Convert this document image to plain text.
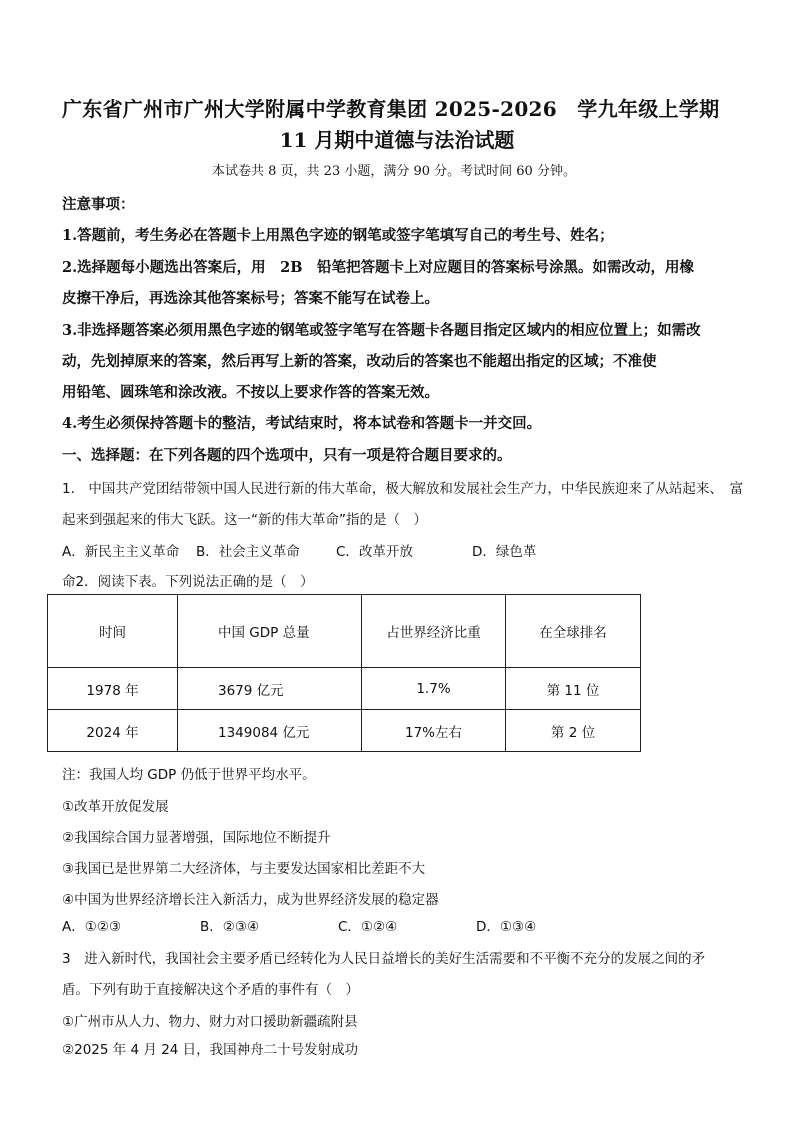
广东省广州市广州大学附属中学教育集团 2025-2026　学九年级上学期
11 月期中道德与法治试题
本试卷共 8 页，共 23 小题，满分 90 分。考试时间 60 分钟。
注意事项：
1.答题前，考生务必在答题卡上用黑色字迹的钢笔或签字笔填写自己的考生号、姓名；
2.选择题每小题选出答案后，用　2B　铅笔把答题卡上对应题目的答案标号涂黑。如需改动，用橡
皮擦干净后，再选涂其他答案标号；答案不能写在试卷上。
3.非选择题答案必须用黑色字迹的钢笔或签字笔写在答题卡各题目指定区域内的相应位置上；如需改
动，先划掉原来的答案，然后再写上新的答案，改动后的答案也不能超出指定的区域；不准使
用铅笔、圆珠笔和涂改液。不按以上要求作答的答案无效。
4.考生必须保持答题卡的整洁，考试结束时，将本试卷和答题卡一并交回。
一、选择题：在下列各题的四个选项中，只有一项是符合题目要求的。
1.　中国共产党团结带领中国人民进行新的伟大革命，极大解放和发展社会生产力，中华民族迎来了从站起来、　富
起来到强起来的伟大飞跃。这一“新的伟大革命”指的是（　）
A．新民主主义革命 B．社会主义革命	C．改革开放	D．绿色革
命2．阅读下表。下列说法正确的是（　）
时间	中国 GDP 总量	占世界经济比重	在全球排名
1978 年	3679 亿元	1.7%	第 11 位
2024 年	1349084 亿元	17%左右	第 2 位
注：我国人均 GDP 仍低于世界平均水平。
①改革开放促发展
②我国综合国力显著增强，国际地位不断提升
③我国已是世界第二大经济体，与主要发达国家相比差距不大
④中国为世界经济增长注入新活力，成为世界经济发展的稳定器
A．①②③	B．②③④	C．①②④	D．①③④
3　进入新时代，我国社会主要矛盾已经转化为人民日益增长的美好生活需要和不平衡不充分的发展之间的矛
盾。下列有助于直接解决这个矛盾的事件有（　）
①广州市从人力、物力、财力对口援助新疆疏附县
②2025 年 4 月 24 日，我国神舟二十号发射成功
